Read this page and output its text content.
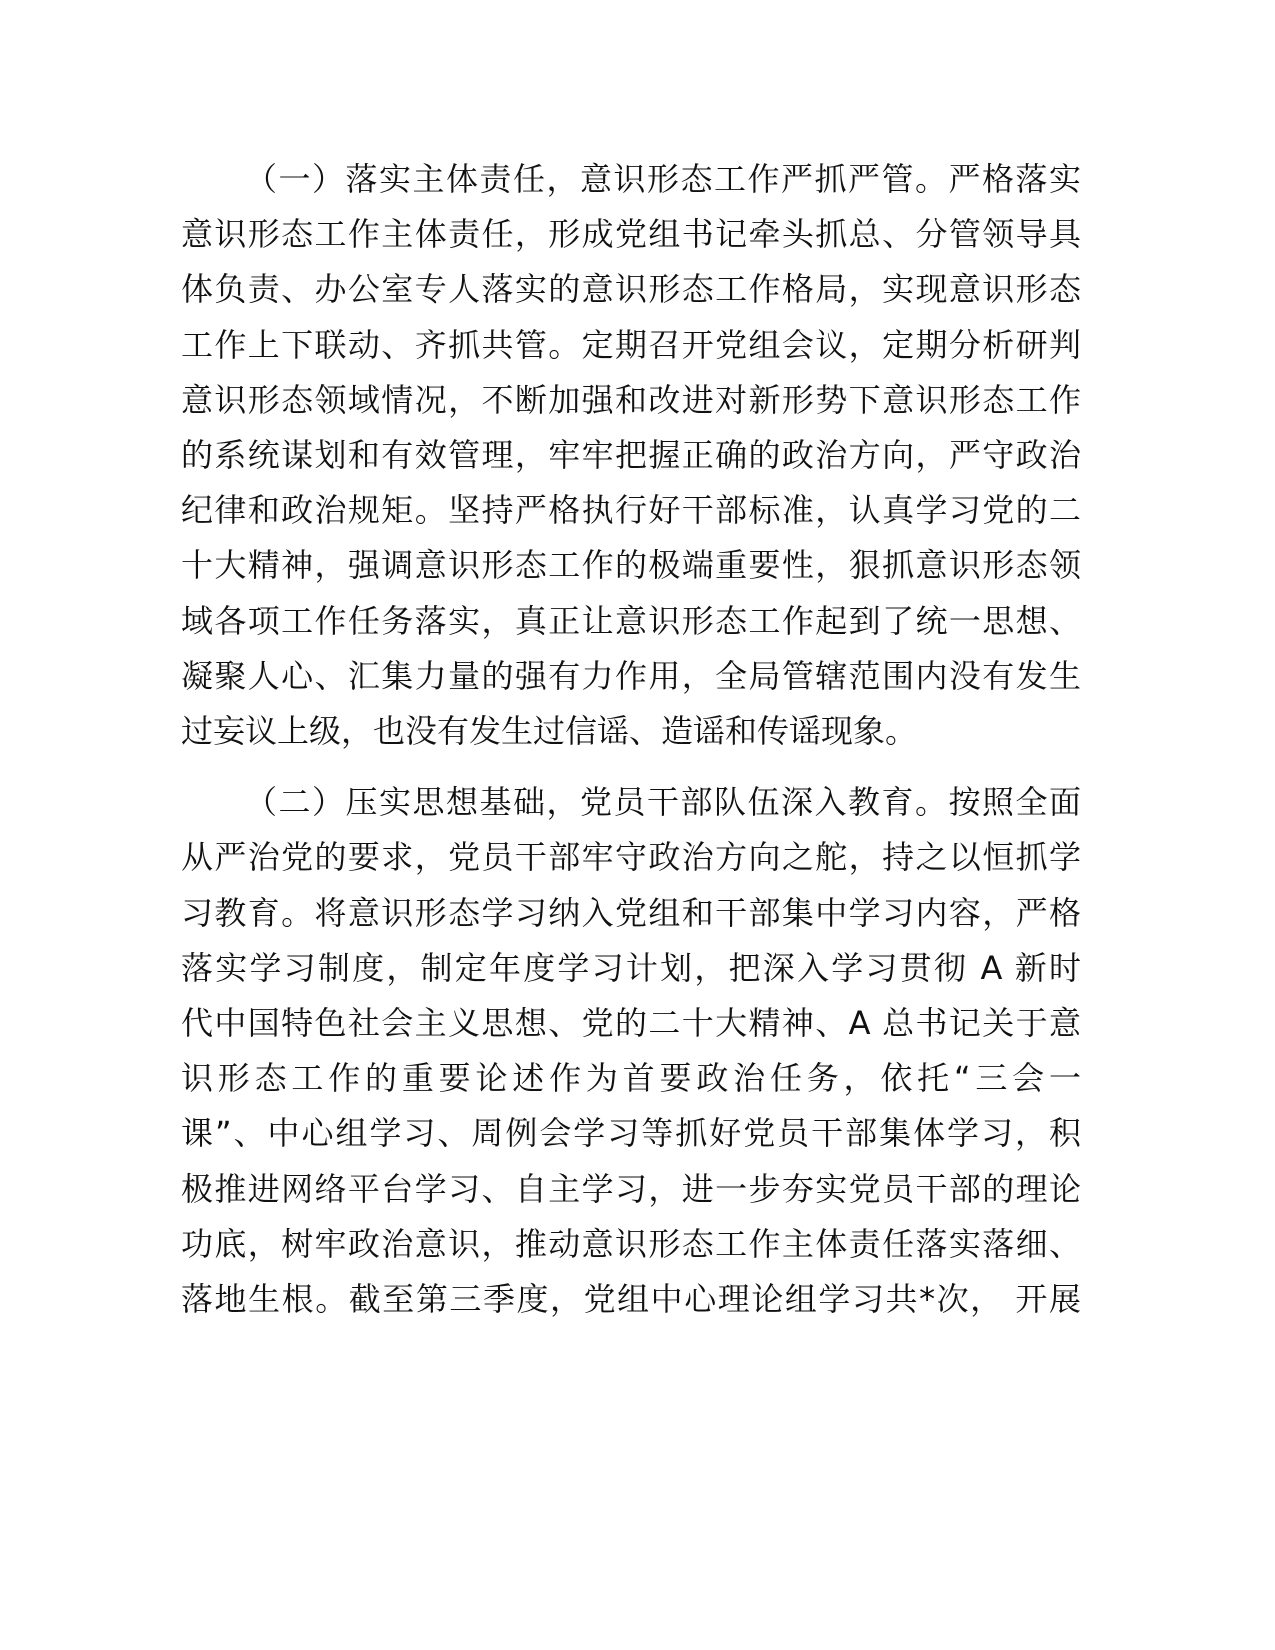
（一）落实主体责任，意识形态工作严抓严管。严格落实
意识形态工作主体责任，形成党组书记牵头抓总、分管领导具
体负责、办公室专人落实的意识形态工作格局，实现意识形态
工作上下联动、齐抓共管。定期召开党组会议，定期分析研判
意识形态领域情况，不断加强和改进对新形势下意识形态工作
的系统谋划和有效管理，牢牢把握正确的政治方向，严守政治
纪律和政治规矩。坚持严格执行好干部标准，认真学习党的二
十大精神，强调意识形态工作的极端重要性，狠抓意识形态领
域各项工作任务落实，真正让意识形态工作起到了统一思想、
凝聚人心、汇集力量的强有力作用，全局管辖范围内没有发生
过妄议上级，也没有发生过信谣、造谣和传谣现象。
（二）压实思想基础，党员干部队伍深入教育。按照全面
从严治党的要求，党员干部牢守政治方向之舵，持之以恒抓学
习教育。将意识形态学习纳入党组和干部集中学习内容，严格
落实学习制度，制定年度学习计划，把深入学习贯彻 A 新时
代中国特色社会主义思想、党的二十大精神、A 总书记关于意
识形态工作的重要论述作为首要政治任务，依托“三会一
课”、中心组学习、周例会学习等抓好党员干部集体学习，积
极推进网络平台学习、自主学习，进一步夯实党员干部的理论
功底，树牢政治意识，推动意识形态工作主体责任落实落细、
落地生根。截至第三季度，党组中心理论组学习共*次， 开展
